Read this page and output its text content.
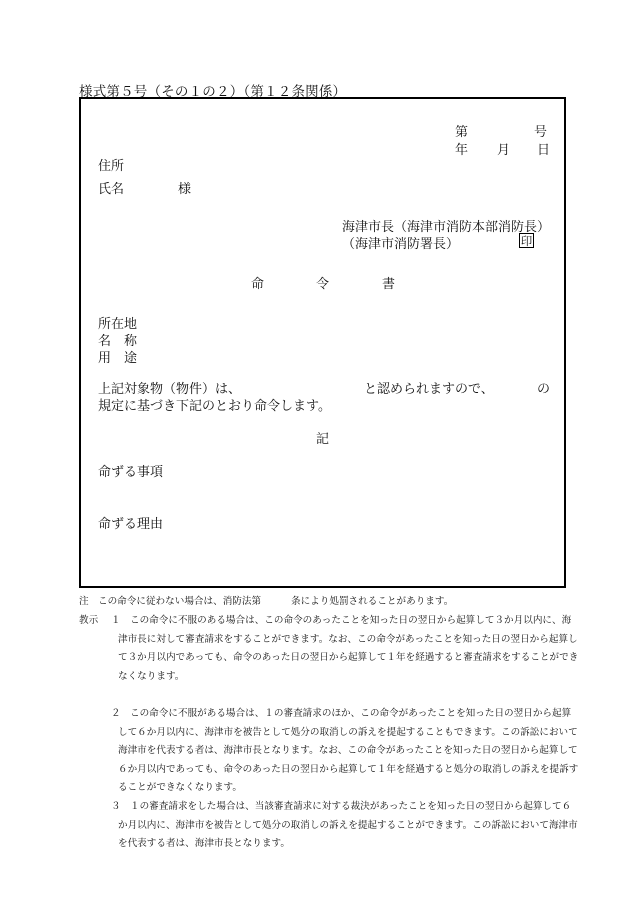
様式第５号（その１の２）（第１２条関係）
第	号
年 月 日
住所
氏名	様
海津市長（海津市消防本部消防長）
（海津市消防署長）	印
命	令	書
所在地
名 称
用 途
上記対象物（物件）は、	と認められますので、	の
規定に基づき下記のとおり命令します。
記
命ずる事項
命ずる理由
注 この命令に従わない場合は、消防法第	条により処罰されることがあります。
教示 １ この命令に不服のある場合は、この命令のあったことを知った日の翌日から起算して３か月以内に、海津市長に対して審査請求をすることができます。なお、この命令があったことを知った日の翌日から起算して３か月以内であっても、命令のあった日の翌日から起算して１年を経過すると審査請求をすることができなくなります。
２ この命令に不服がある場合は、１の審査請求のほか、この命令があったことを知った日の翌日から起算して６か月以内に、海津市を被告として処分の取消しの訴えを提起することもできます。この訴訟において海津市を代表する者は、海津市長となります。なお、この命令があったことを知った日の翌日から起算して６か月以内であっても、命令のあった日の翌日から起算して１年を経過すると処分の取消しの訴えを提訴することができなくなります。
３ １の審査請求をした場合は、当該審査請求に対する裁決があったことを知った日の翌日から起算して６か月以内に、海津市を被告として処分の取消しの訴えを提起することができます。この訴訟において海津市を代表する者は、海津市長となります。
